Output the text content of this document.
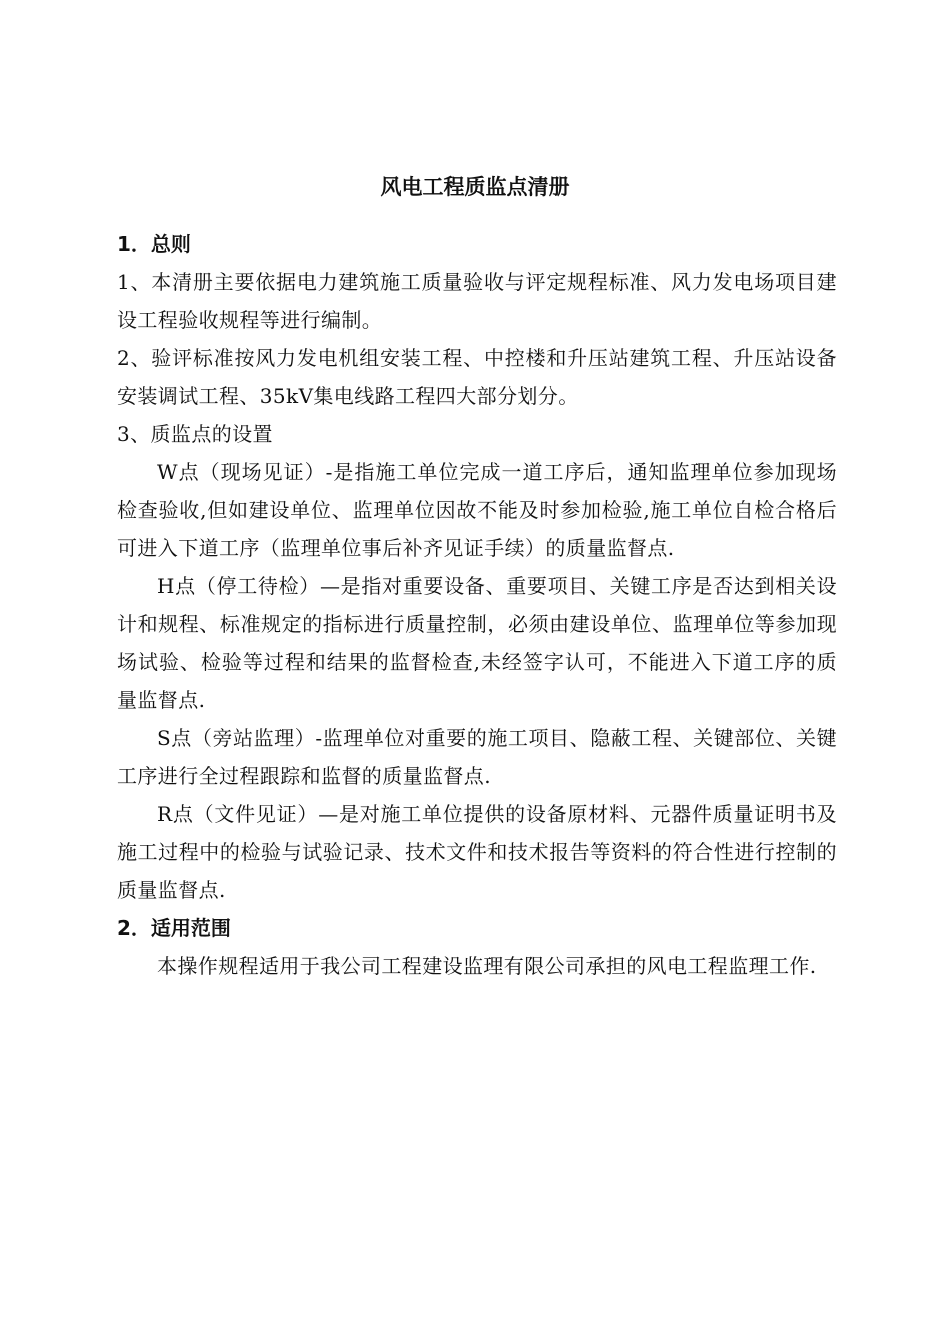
风电工程质监点清册

1．总则

1、本清册主要依据电力建筑施工质量验收与评定规程标准、风力发电场项目建设工程验收规程等进行编制。

2、验评标准按风力发电机组安装工程、中控楼和升压站建筑工程、升压站设备安装调试工程、35kV集电线路工程四大部分划分。

3、质监点的设置

W点（现场见证）-是指施工单位完成一道工序后，通知监理单位参加现场检查验收,但如建设单位、监理单位因故不能及时参加检验,施工单位自检合格后可进入下道工序（监理单位事后补齐见证手续）的质量监督点.

H点（停工待检）—是指对重要设备、重要项目、关键工序是否达到相关设计和规程、标准规定的指标进行质量控制，必须由建设单位、监理单位等参加现场试验、检验等过程和结果的监督检查,未经签字认可，不能进入下道工序的质量监督点.

S点（旁站监理）-监理单位对重要的施工项目、隐蔽工程、关键部位、关键工序进行全过程跟踪和监督的质量监督点.

R点（文件见证）—是对施工单位提供的设备原材料、元器件质量证明书及施工过程中的检验与试验记录、技术文件和技术报告等资料的符合性进行控制的质量监督点.

2．适用范围

本操作规程适用于我公司工程建设监理有限公司承担的风电工程监理工作.
